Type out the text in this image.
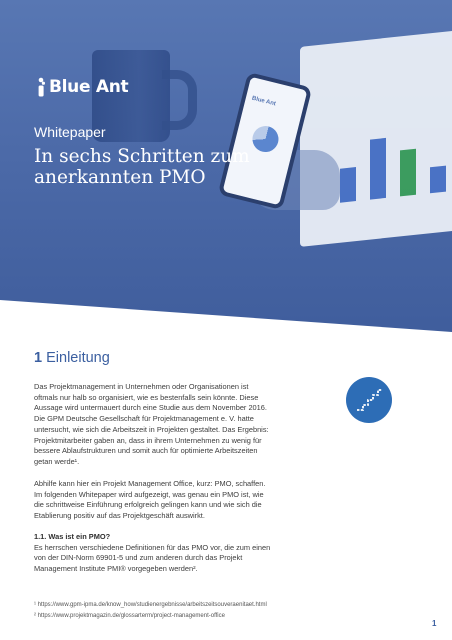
Blue Ant
Blue Ant
Whitepaper
In sechs Schritten zum
anerkannten PMO
1 Einleitung
Das Projektmanagement in Unternehmen oder Organisationen ist
oftmals nur halb so organisiert, wie es bestenfalls sein könnte. Diese
Aussage wird untermauert durch eine Studie aus dem November 2016.
Die GPM Deutsche Gesellschaft für Projektmanagement e. V. hatte
untersucht, wie sich die Arbeitszeit in Projekten gestaltet. Das Ergebnis:
Projektmitarbeiter gaben an, dass in ihrem Unternehmen zu wenig für
bessere Ablaufstrukturen und somit auch für optimierte Arbeitszeiten
getan werde¹.
Abhilfe kann hier ein Projekt Management Office, kurz: PMO, schaffen.
Im folgenden Whitepaper wird aufgezeigt, was genau ein PMO ist, wie
die schrittweise Einführung erfolgreich gelingen kann und wie sich die
Etablierung positiv auf das Projektgeschäft auswirkt.
1.1. Was ist ein PMO?
Es herrschen verschiedene Definitionen für das PMO vor, die zum einen
von der DIN-Norm 69901-5 und zum anderen durch das Projekt
Management Institute PMI® vorgegeben werden².
¹ https://www.gpm-ipma.de/know_how/studienergebnisse/arbeitszeitsouveraenitaet.html
² https://www.projektmagazin.de/glossarterm/project-management-office
1
